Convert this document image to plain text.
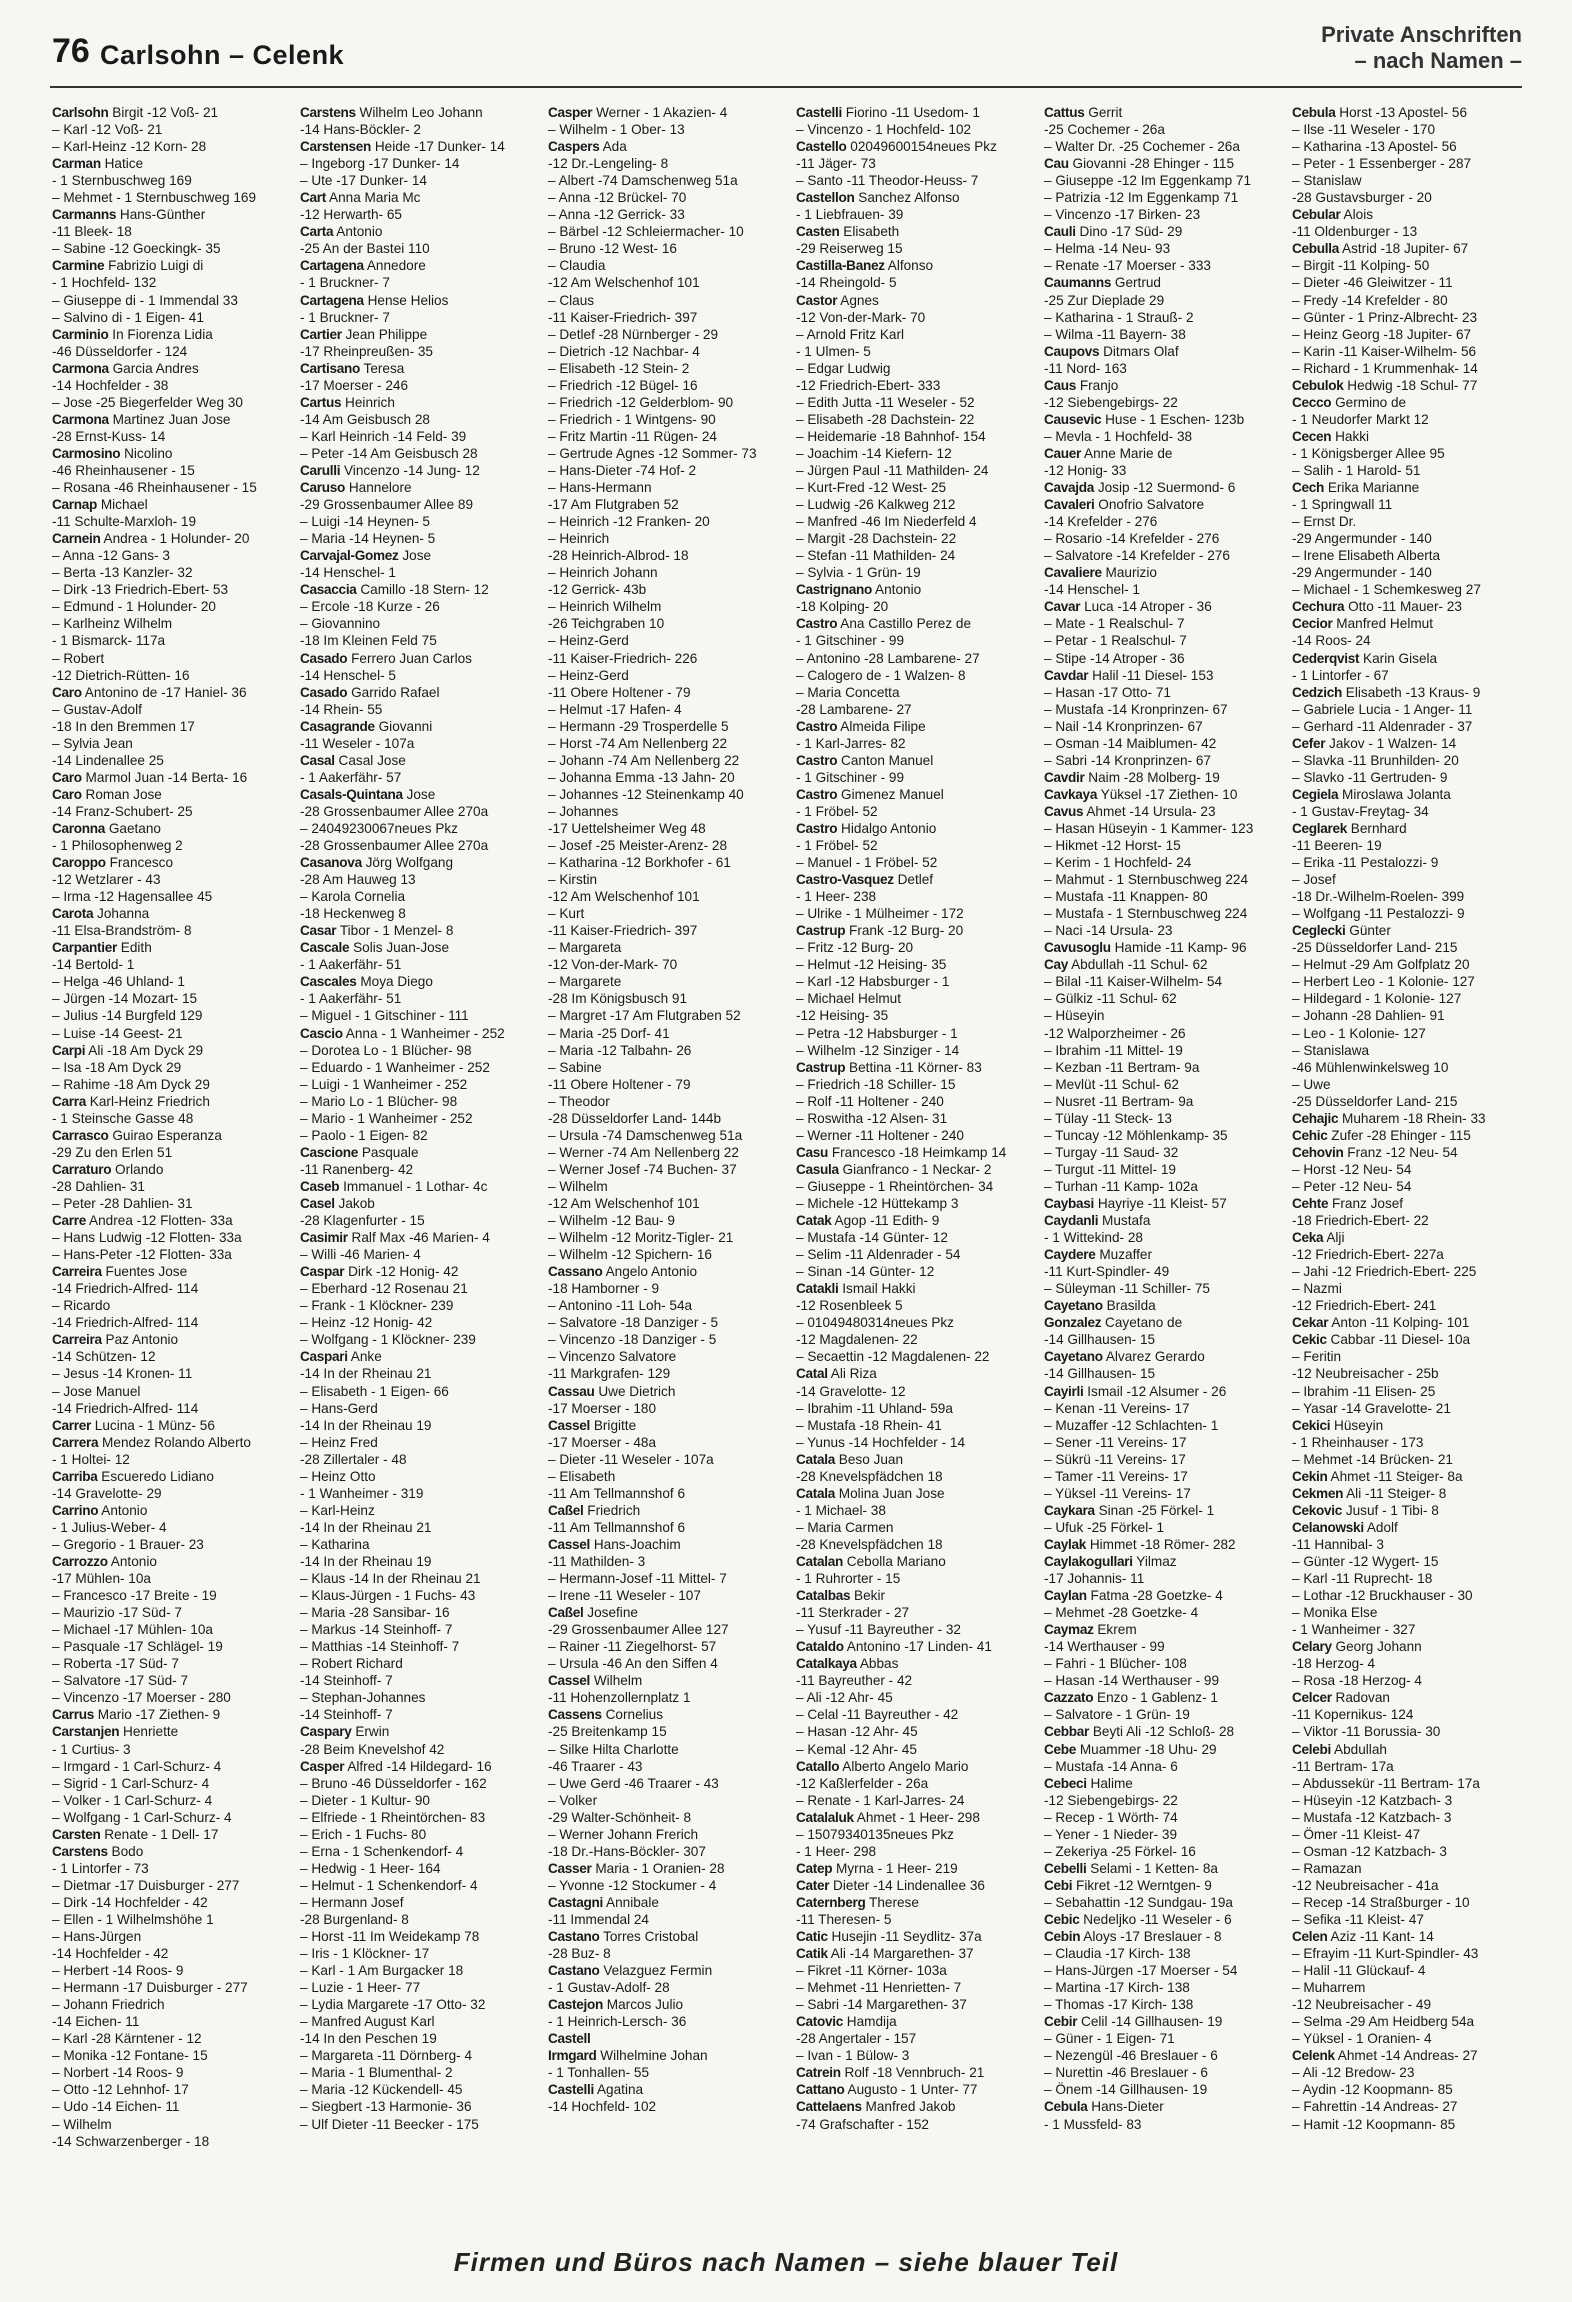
76 Carlsohn – Celenk
Private Anschriften
– nach Namen –
Carlsohn Birgit -12 Voß- 21
– Karl -12 Voß- 21
– Karl-Heinz -12 Korn- 28
Carman Hatice
- 1 Sternbuschweg 169
– Mehmet - 1 Sternbuschweg 169
Carmanns Hans-Günther
-11 Bleek- 18
– Sabine -12 Goeckingk- 35
Carmine Fabrizio Luigi di
- 1 Hochfeld- 132
– Giuseppe di - 1 Immendal 33
– Salvino di - 1 Eigen- 41
Carminio In Fiorenza Lidia
-46 Düsseldorfer - 124
Carmona Garcia Andres
-14 Hochfelder - 38
– Jose -25 Biegerfelder Weg 30
Carmona Martinez Juan Jose
-28 Ernst-Kuss- 14
Carmosino Nicolino
-46 Rheinhausener - 15
– Rosana -46 Rheinhausener - 15
Carnap Michael
-11 Schulte-Marxloh- 19
Carnein Andrea - 1 Holunder- 20
– Anna -12 Gans- 3
– Berta -13 Kanzler- 32
– Dirk -13 Friedrich-Ebert- 53
– Edmund - 1 Holunder- 20
– Karlheinz Wilhelm
- 1 Bismarck- 117a
– Robert
-12 Dietrich-Rütten- 16
Caro Antonino de -17 Haniel- 36
– Gustav-Adolf
-18 In den Bremmen 17
– Sylvia Jean
-14 Lindenallee 25
Caro Marmol Juan -14 Berta- 16
Caro Roman Jose
-14 Franz-Schubert- 25
Caronna Gaetano
- 1 Philosophenweg 2
Caroppo Francesco
-12 Wetzlarer - 43
– Irma -12 Hagensallee 45
Carota Johanna
-11 Elsa-Brandström- 8
Carpantier Edith
-14 Bertold- 1
– Helga -46 Uhland- 1
– Jürgen -14 Mozart- 15
– Julius -14 Burgfeld 129
– Luise -14 Geest- 21
Carpi Ali -18 Am Dyck 29
– Isa -18 Am Dyck 29
– Rahime -18 Am Dyck 29
Carra Karl-Heinz Friedrich
- 1 Steinsche Gasse 48
Carrasco Guirao Esperanza
-29 Zu den Erlen 51
Carraturo Orlando
-28 Dahlien- 31
– Peter -28 Dahlien- 31
Carre Andrea -12 Flotten- 33a
– Hans Ludwig -12 Flotten- 33a
– Hans-Peter -12 Flotten- 33a
Carreira Fuentes Jose
-14 Friedrich-Alfred- 114
– Ricardo
-14 Friedrich-Alfred- 114
Carreira Paz Antonio
-14 Schützen- 12
– Jesus -14 Kronen- 11
– Jose Manuel
-14 Friedrich-Alfred- 114
Carrer Lucina - 1 Münz- 56
Carrera Mendez Rolando Alberto
- 1 Holtei- 12
Carriba Escueredo Lidiano
-14 Gravelotte- 29
Carrino Antonio
- 1 Julius-Weber- 4
– Gregorio - 1 Brauer- 23
Carrozzo Antonio
-17 Mühlen- 10a
– Francesco -17 Breite - 19
– Maurizio -17 Süd- 7
– Michael -17 Mühlen- 10a
– Pasquale -17 Schlägel- 19
– Roberta -17 Süd- 7
– Salvatore -17 Süd- 7
– Vincenzo -17 Moerser - 280
Carrus Mario -17 Ziethen- 9
Carstanjen Henriette
- 1 Curtius- 3
– Irmgard - 1 Carl-Schurz- 4
– Sigrid - 1 Carl-Schurz- 4
– Volker - 1 Carl-Schurz- 4
– Wolfgang - 1 Carl-Schurz- 4
Carsten Renate - 1 Dell- 17
Carstens Bodo
- 1 Lintorfer - 73
– Dietmar -17 Duisburger - 277
– Dirk -14 Hochfelder - 42
– Ellen - 1 Wilhelmshöhe 1
– Hans-Jürgen
-14 Hochfelder - 42
– Herbert -14 Roos- 9
– Hermann -17 Duisburger - 277
– Johann Friedrich
-14 Eichen- 11
– Karl -28 Kärntener - 12
– Monika -12 Fontane- 15
– Norbert -14 Roos- 9
– Otto -12 Lehnhof- 17
– Udo -14 Eichen- 11
– Wilhelm
-14 Schwarzenberger - 18
Carstens Wilhelm Leo Johann
-14 Hans-Böckler- 2
Carstensen Heide -17 Dunker- 14
– Ingeborg -17 Dunker- 14
– Ute -17 Dunker- 14
Cart Anna Maria Mc
-12 Herwarth- 65
Carta Antonio
-25 An der Bastei 110
Cartagena Annedore
- 1 Bruckner- 7
Cartagena Hense Helios
- 1 Bruckner- 7
Cartier Jean Philippe
-17 Rheinpreußen- 35
Cartisano Teresa
-17 Moerser - 246
Cartus Heinrich
-14 Am Geisbusch 28
– Karl Heinrich -14 Feld- 39
– Peter -14 Am Geisbusch 28
Carulli Vincenzo -14 Jung- 12
Caruso Hannelore
-29 Grossenbaumer Allee 89
– Luigi -14 Heynen- 5
– Maria -14 Heynen- 5
Carvajal-Gomez Jose
-14 Henschel- 1
Casaccia Camillo -18 Stern- 12
– Ercole -18 Kurze - 26
– Giovannino
-18 Im Kleinen Feld 75
Casado Ferrero Juan Carlos
-14 Henschel- 5
Casado Garrido Rafael
-14 Rhein- 55
Casagrande Giovanni
-11 Weseler - 107a
Casal Casal Jose
- 1 Aakerfähr- 57
Casals-Quintana Jose
-28 Grossenbaumer Allee 270a
– 24049230067neues Pkz
-28 Grossenbaumer Allee 270a
Casanova Jörg Wolfgang
-28 Am Hauweg 13
– Karola Cornelia
-18 Heckenweg 8
Casar Tibor - 1 Menzel- 8
Cascale Solis Juan-Jose
- 1 Aakerfähr- 51
Cascales Moya Diego
- 1 Aakerfähr- 51
– Miguel - 1 Gitschiner - 111
Cascio Anna - 1 Wanheimer - 252
– Dorotea Lo - 1 Blücher- 98
– Eduardo - 1 Wanheimer - 252
– Luigi - 1 Wanheimer - 252
– Mario Lo - 1 Blücher- 98
– Mario - 1 Wanheimer - 252
– Paolo - 1 Eigen- 82
Cascione Pasquale
-11 Ranenberg- 42
Caseb Immanuel - 1 Lothar- 4c
Casel Jakob
-28 Klagenfurter - 15
Casimir Ralf Max -46 Marien- 4
– Willi -46 Marien- 4
Caspar Dirk -12 Honig- 42
– Eberhard -12 Rosenau 21
– Frank - 1 Klöckner- 239
– Heinz -12 Honig- 42
– Wolfgang - 1 Klöckner- 239
Caspari Anke
-14 In der Rheinau 21
– Elisabeth - 1 Eigen- 66
– Hans-Gerd
-14 In der Rheinau 19
– Heinz Fred
-28 Zillertaler - 48
– Heinz Otto
- 1 Wanheimer - 319
– Karl-Heinz
-14 In der Rheinau 21
– Katharina
-14 In der Rheinau 19
– Klaus -14 In der Rheinau 21
– Klaus-Jürgen - 1 Fuchs- 43
– Maria -28 Sansibar- 16
– Markus -14 Steinhoff- 7
– Matthias -14 Steinhoff- 7
– Robert Richard
-14 Steinhoff- 7
– Stephan-Johannes
-14 Steinhoff- 7
Caspary Erwin
-28 Beim Knevelshof 42
Casper Alfred -14 Hildegard- 16
– Bruno -46 Düsseldorfer - 162
– Dieter - 1 Kultur- 90
– Elfriede - 1 Rheintörchen- 83
– Erich - 1 Fuchs- 80
– Erna - 1 Schenkendorf- 4
– Hedwig - 1 Heer- 164
– Helmut - 1 Schenkendorf- 4
– Hermann Josef
-28 Burgenland- 8
– Horst -11 Im Weidekamp 78
– Iris - 1 Klöckner- 17
– Karl - 1 Am Burgacker 18
– Luzie - 1 Heer- 77
– Lydia Margarete -17 Otto- 32
– Manfred August Karl
-14 In den Peschen 19
– Margareta -11 Dörnberg- 4
– Maria - 1 Blumenthal- 2
– Maria -12 Kückendell- 45
– Siegbert -13 Harmonie- 36
– Ulf Dieter -11 Beecker - 175
Casper Werner - 1 Akazien- 4
– Wilhelm - 1 Ober- 13
Caspers Ada
-12 Dr.-Lengeling- 8
– Albert -74 Damschenweg 51a
– Anna -12 Brückel- 70
– Anna -12 Gerrick- 33
– Bärbel -12 Schleiermacher- 10
– Bruno -12 West- 16
– Claudia
-12 Am Welschenhof 101
– Claus
-11 Kaiser-Friedrich- 397
– Detlef -28 Nürnberger - 29
– Dietrich -12 Nachbar- 4
– Elisabeth -12 Stein- 2
– Friedrich -12 Bügel- 16
– Friedrich -12 Gelderblom- 90
– Friedrich - 1 Wintgens- 90
– Fritz Martin -11 Rügen- 24
– Gertrude Agnes -12 Sommer- 73
– Hans-Dieter -74 Hof- 2
– Hans-Hermann
-17 Am Flutgraben 52
– Heinrich -12 Franken- 20
– Heinrich
-28 Heinrich-Albrod- 18
– Heinrich Johann
-12 Gerrick- 43b
– Heinrich Wilhelm
-26 Teichgraben 10
– Heinz-Gerd
-11 Kaiser-Friedrich- 226
– Heinz-Gerd
-11 Obere Holtener - 79
– Helmut -17 Hafen- 4
– Hermann -29 Trosperdelle 5
– Horst -74 Am Nellenberg 22
– Johann -74 Am Nellenberg 22
– Johanna Emma -13 Jahn- 20
– Johannes -12 Steinenkamp 40
– Johannes
-17 Uettelsheimer Weg 48
– Josef -25 Meister-Arenz- 28
– Katharina -12 Borkhofer - 61
– Kirstin
-12 Am Welschenhof 101
– Kurt
-11 Kaiser-Friedrich- 397
– Margareta
-12 Von-der-Mark- 70
– Margarete
-28 Im Königsbusch 91
– Margret -17 Am Flutgraben 52
– Maria -25 Dorf- 41
– Maria -12 Talbahn- 26
– Sabine
-11 Obere Holtener - 79
– Theodor
-28 Düsseldorfer Land- 144b
– Ursula -74 Damschenweg 51a
– Werner -74 Am Nellenberg 22
– Werner Josef -74 Buchen- 37
– Wilhelm
-12 Am Welschenhof 101
– Wilhelm -12 Bau- 9
– Wilhelm -12 Moritz-Tigler- 21
– Wilhelm -12 Spichern- 16
Cassano Angelo Antonio
-18 Hamborner - 9
– Antonino -11 Loh- 54a
– Salvatore -18 Danziger - 5
– Vincenzo -18 Danziger - 5
– Vincenzo Salvatore
-11 Markgrafen- 129
Cassau Uwe Dietrich
-17 Moerser - 180
Cassel Brigitte
-17 Moerser - 48a
– Dieter -11 Weseler - 107a
– Elisabeth
-11 Am Tellmannshof 6
Caßel Friedrich
-11 Am Tellmannshof 6
Cassel Hans-Joachim
-11 Mathilden- 3
– Hermann-Josef -11 Mittel- 7
– Irene -11 Weseler - 107
Caßel Josefine
-29 Grossenbaumer Allee 127
– Rainer -11 Ziegelhorst- 57
– Ursula -46 An den Siffen 4
Cassel Wilhelm
-11 Hohenzollernplatz 1
Cassens Cornelius
-25 Breitenkamp 15
– Silke Hilta Charlotte
-46 Traarer - 43
– Uwe Gerd -46 Traarer - 43
– Volker
-29 Walter-Schönheit- 8
– Werner Johann Frerich
-18 Dr.-Hans-Böckler- 307
Casser Maria - 1 Oranien- 28
– Yvonne -12 Stockumer - 4
Castagni Annibale
-11 Immendal 24
Castano Torres Cristobal
-28 Buz- 8
Castano Velazguez Fermin
- 1 Gustav-Adolf- 28
Castejon Marcos Julio
- 1 Heinrich-Lersch- 36
Castell
Irmgard Wilhelmine Johan
- 1 Tonhallen- 55
Castelli Agatina
-14 Hochfeld- 102
Castelli Fiorino -11 Usedom- 1
– Vincenzo - 1 Hochfeld- 102
Castello 02049600154neues Pkz
-11 Jäger- 73
– Santo -11 Theodor-Heuss- 7
Castellon Sanchez Alfonso
- 1 Liebfrauen- 39
Casten Elisabeth
-29 Reiserweg 15
Castilla-Banez Alfonso
-14 Rheingold- 5
Castor Agnes
-12 Von-der-Mark- 70
– Arnold Fritz Karl
- 1 Ulmen- 5
– Edgar Ludwig
-12 Friedrich-Ebert- 333
– Edith Jutta -11 Weseler - 52
– Elisabeth -28 Dachstein- 22
– Heidemarie -18 Bahnhof- 154
– Joachim -14 Kiefern- 12
– Jürgen Paul -11 Mathilden- 24
– Kurt-Fred -12 West- 25
– Ludwig -26 Kalkweg 212
– Manfred -46 Im Niederfeld 4
– Margit -28 Dachstein- 22
– Stefan -11 Mathilden- 24
– Sylvia - 1 Grün- 19
Castrignano Antonio
-18 Kolping- 20
Castro Ana Castillo Perez de
- 1 Gitschiner - 99
– Antonino -28 Lambarene- 27
– Calogero de - 1 Walzen- 8
– Maria Concetta
-28 Lambarene- 27
Castro Almeida Filipe
- 1 Karl-Jarres- 82
Castro Canton Manuel
- 1 Gitschiner - 99
Castro Gimenez Manuel
- 1 Fröbel- 52
Castro Hidalgo Antonio
- 1 Fröbel- 52
– Manuel - 1 Fröbel- 52
Castro-Vasquez Detlef
- 1 Heer- 238
– Ulrike - 1 Mülheimer - 172
Castrup Frank -12 Burg- 20
– Fritz -12 Burg- 20
– Helmut -12 Heising- 35
– Karl -12 Habsburger - 1
– Michael Helmut
-12 Heising- 35
– Petra -12 Habsburger - 1
– Wilhelm -12 Sinziger - 14
Castrup Bettina -11 Körner- 83
– Friedrich -18 Schiller- 15
– Rolf -11 Holtener - 240
– Roswitha -12 Alsen- 31
– Werner -11 Holtener - 240
Casu Francesco -18 Heimkamp 14
Casula Gianfranco - 1 Neckar- 2
– Giuseppe - 1 Rheintörchen- 34
– Michele -12 Hüttekamp 3
Catak Agop -11 Edith- 9
– Mustafa -14 Günter- 12
– Selim -11 Aldenrader - 54
– Sinan -14 Günter- 12
Catakli Ismail Hakki
-12 Rosenbleek 5
– 01049480314neues Pkz
-12 Magdalenen- 22
– Secaettin -12 Magdalenen- 22
Catal Ali Riza
-14 Gravelotte- 12
– Ibrahim -11 Uhland- 59a
– Mustafa -18 Rhein- 41
– Yunus -14 Hochfelder - 14
Catala Beso Juan
-28 Knevelspfädchen 18
Catala Molina Juan Jose
- 1 Michael- 38
– Maria Carmen
-28 Knevelspfädchen 18
Catalan Cebolla Mariano
- 1 Ruhrorter - 15
Catalbas Bekir
-11 Sterkrader - 27
– Yusuf -11 Bayreuther - 32
Cataldo Antonino -17 Linden- 41
Catalkaya Abbas
-11 Bayreuther - 42
– Ali -12 Ahr- 45
– Celal -11 Bayreuther - 42
– Hasan -12 Ahr- 45
– Kemal -12 Ahr- 45
Catallo Alberto Angelo Mario
-12 Kaßlerfelder - 26a
– Renate - 1 Karl-Jarres- 24
Catalaluk Ahmet - 1 Heer- 298
– 15079340135neues Pkz
- 1 Heer- 298
Catep Myrna - 1 Heer- 219
Cater Dieter -14 Lindenallee 36
Caternberg Therese
-11 Theresen- 5
Catic Husejin -11 Seydlitz- 37a
Catik Ali -14 Margarethen- 37
– Fikret -11 Körner- 103a
– Mehmet -11 Henrietten- 7
– Sabri -14 Margarethen- 37
Catovic Hamdija
-28 Angertaler - 157
– Ivan - 1 Bülow- 3
Catrein Rolf -18 Vennbruch- 21
Cattano Augusto - 1 Unter- 77
Cattelaens Manfred Jakob
-74 Grafschafter - 152
Cattus Gerrit
-25 Cochemer - 26a
– Walter Dr. -25 Cochemer - 26a
Cau Giovanni -28 Ehinger - 115
– Giuseppe -12 Im Eggenkamp 71
– Patrizia -12 Im Eggenkamp 71
– Vincenzo -17 Birken- 23
Cauli Dino -17 Süd- 29
– Helma -14 Neu- 93
– Renate -17 Moerser - 333
Caumanns Gertrud
-25 Zur Dieplade 29
– Katharina - 1 Strauß- 2
– Wilma -11 Bayern- 38
Caupovs Ditmars Olaf
-11 Nord- 163
Caus Franjo
-12 Siebengebirgs- 22
Causevic Huse - 1 Eschen- 123b
– Mevla - 1 Hochfeld- 38
Cauer Anne Marie de
-12 Honig- 33
Cavajda Josip -12 Suermond- 6
Cavaleri Onofrio Salvatore
-14 Krefelder - 276
– Rosario -14 Krefelder - 276
– Salvatore -14 Krefelder - 276
Cavaliere Maurizio
-14 Henschel- 1
Cavar Luca -14 Atroper - 36
– Mate - 1 Realschul- 7
– Petar - 1 Realschul- 7
– Stipe -14 Atroper - 36
Cavdar Halil -11 Diesel- 153
– Hasan -17 Otto- 71
– Mustafa -14 Kronprinzen- 67
– Nail -14 Kronprinzen- 67
– Osman -14 Maiblumen- 42
– Sabri -14 Kronprinzen- 67
Cavdir Naim -28 Molberg- 19
Cavkaya Yüksel -17 Ziethen- 10
Cavus Ahmet -14 Ursula- 23
– Hasan Hüseyin - 1 Kammer- 123
– Hikmet -12 Horst- 15
– Kerim - 1 Hochfeld- 24
– Mahmut - 1 Sternbuschweg 224
– Mustafa -11 Knappen- 80
– Mustafa - 1 Sternbuschweg 224
– Naci -14 Ursula- 23
Cavusoglu Hamide -11 Kamp- 96
Cay Abdullah -11 Schul- 62
– Bilal -11 Kaiser-Wilhelm- 54
– Gülkiz -11 Schul- 62
– Hüseyin
-12 Walporzheimer - 26
– Ibrahim -11 Mittel- 19
– Kezban -11 Bertram- 9a
– Mevlüt -11 Schul- 62
– Nusret -11 Bertram- 9a
– Tülay -11 Steck- 13
– Tuncay -12 Möhlenkamp- 35
– Turgay -11 Saud- 32
– Turgut -11 Mittel- 19
– Turhan -11 Kamp- 102a
Caybasi Hayriye -11 Kleist- 57
Caydanli Mustafa
- 1 Wittekind- 28
Caydere Muzaffer
-11 Kurt-Spindler- 49
– Süleyman -11 Schiller- 75
Cayetano Brasilda
Gonzalez Cayetano de
-14 Gillhausen- 15
Cayetano Alvarez Gerardo
-14 Gillhausen- 15
Cayirli Ismail -12 Alsumer - 26
– Kenan -11 Vereins- 17
– Muzaffer -12 Schlachten- 1
– Sener -11 Vereins- 17
– Sükrü -11 Vereins- 17
– Tamer -11 Vereins- 17
– Yüksel -11 Vereins- 17
Caykara Sinan -25 Förkel- 1
– Ufuk -25 Förkel- 1
Caylak Himmet -18 Römer- 282
Caylakogullari Yilmaz
-17 Johannis- 11
Caylan Fatma -28 Goetzke- 4
– Mehmet -28 Goetzke- 4
Caymaz Ekrem
-14 Werthauser - 99
– Fahri - 1 Blücher- 108
– Hasan -14 Werthauser - 99
Cazzato Enzo - 1 Gablenz- 1
– Salvatore - 1 Grün- 19
Cebbar Beyti Ali -12 Schloß- 28
Cebe Muammer -18 Uhu- 29
– Mustafa -14 Anna- 6
Cebeci Halime
-12 Siebengebirgs- 22
– Recep - 1 Wörth- 74
– Yener - 1 Nieder- 39
– Zekeriya -25 Förkel- 16
Cebelli Selami - 1 Ketten- 8a
Cebi Fikret -12 Werntgen- 9
– Sebahattin -12 Sundgau- 19a
Cebic Nedeljko -11 Weseler - 6
Cebin Aloys -17 Breslauer - 8
– Claudia -17 Kirch- 138
– Hans-Jürgen -17 Moerser - 54
– Martina -17 Kirch- 138
– Thomas -17 Kirch- 138
Cebir Celil -14 Gillhausen- 19
– Güner - 1 Eigen- 71
– Nezengül -46 Breslauer - 6
– Nurettin -46 Breslauer - 6
– Önem -14 Gillhausen- 19
Cebula Hans-Dieter
- 1 Mussfeld- 83
Cebula Horst -13 Apostel- 56
– Ilse -11 Weseler - 170
– Katharina -13 Apostel- 56
– Peter - 1 Essenberger - 287
– Stanislaw
-28 Gustavsburger - 20
Cebular Alois
-11 Oldenburger - 13
Cebulla Astrid -18 Jupiter- 67
– Birgit -11 Kolping- 50
– Dieter -46 Gleiwitzer - 11
– Fredy -14 Krefelder - 80
– Günter - 1 Prinz-Albrecht- 23
– Heinz Georg -18 Jupiter- 67
– Karin -11 Kaiser-Wilhelm- 56
– Richard - 1 Krummenhak- 14
Cebulok Hedwig -18 Schul- 77
Cecco Germino de
- 1 Neudorfer Markt 12
Cecen Hakki
- 1 Königsberger Allee 95
– Salih - 1 Harold- 51
Cech Erika Marianne
- 1 Springwall 11
– Ernst Dr.
-29 Angermunder - 140
– Irene Elisabeth Alberta
-29 Angermunder - 140
– Michael - 1 Schemkesweg 27
Cechura Otto -11 Mauer- 23
Cecior Manfred Helmut
-14 Roos- 24
Cederqvist Karin Gisela
- 1 Lintorfer - 67
Cedzich Elisabeth -13 Kraus- 9
– Gabriele Lucia - 1 Anger- 11
– Gerhard -11 Aldenrader - 37
Cefer Jakov - 1 Walzen- 14
– Slavka -11 Brunhilden- 20
– Slavko -11 Gertruden- 9
Cegiela Miroslawa Jolanta
- 1 Gustav-Freytag- 34
Ceglarek Bernhard
-11 Beeren- 19
– Erika -11 Pestalozzi- 9
– Josef
-18 Dr.-Wilhelm-Roelen- 399
– Wolfgang -11 Pestalozzi- 9
Ceglecki Günter
-25 Düsseldorfer Land- 215
– Helmut -29 Am Golfplatz 20
– Herbert Leo - 1 Kolonie- 127
– Hildegard - 1 Kolonie- 127
– Johann -28 Dahlien- 91
– Leo - 1 Kolonie- 127
– Stanislawa
-46 Mühlenwinkelsweg 10
– Uwe
-25 Düsseldorfer Land- 215
Cehajic Muharem -18 Rhein- 33
Cehic Zufer -28 Ehinger - 115
Cehovin Franz -12 Neu- 54
– Horst -12 Neu- 54
– Peter -12 Neu- 54
Cehte Franz Josef
-18 Friedrich-Ebert- 22
Ceka Alji
-12 Friedrich-Ebert- 227a
– Jahi -12 Friedrich-Ebert- 225
– Nazmi
-12 Friedrich-Ebert- 241
Cekar Anton -11 Kolping- 101
Cekic Cabbar -11 Diesel- 10a
– Feritin
-12 Neubreisacher - 25b
– Ibrahim -11 Elisen- 25
– Yasar -14 Gravelotte- 21
Cekici Hüseyin
- 1 Rheinhauser - 173
– Mehmet -14 Brücken- 21
Cekin Ahmet -11 Steiger- 8a
Cekmen Ali -11 Steiger- 8
Cekovic Jusuf - 1 Tibi- 8
Celanowski Adolf
-11 Hannibal- 3
– Günter -12 Wygert- 15
– Karl -11 Ruprecht- 18
– Lothar -12 Bruckhauser - 30
– Monika Else
- 1 Wanheimer - 327
Celary Georg Johann
-18 Herzog- 4
– Rosa -18 Herzog- 4
Celcer Radovan
-11 Kopernikus- 124
– Viktor -11 Borussia- 30
Celebi Abdullah
-11 Bertram- 17a
– Abdussekür -11 Bertram- 17a
– Hüseyin -12 Katzbach- 3
– Mustafa -12 Katzbach- 3
– Ömer -11 Kleist- 47
– Osman -12 Katzbach- 3
– Ramazan
-12 Neubreisacher - 41a
– Recep -14 Straßburger - 10
– Sefika -11 Kleist- 47
Celen Aziz -11 Kant- 14
– Efrayim -11 Kurt-Spindler- 43
– Halil -11 Glückauf- 4
– Muharrem
-12 Neubreisacher - 49
– Selma -29 Am Heidberg 54a
– Yüksel - 1 Oranien- 4
Celenk Ahmet -14 Andreas- 27
– Ali -12 Bredow- 23
– Aydin -12 Koopmann- 85
– Fahrettin -14 Andreas- 27
– Hamit -12 Koopmann- 85
Firmen und Büros nach Namen – siehe blauer Teil
